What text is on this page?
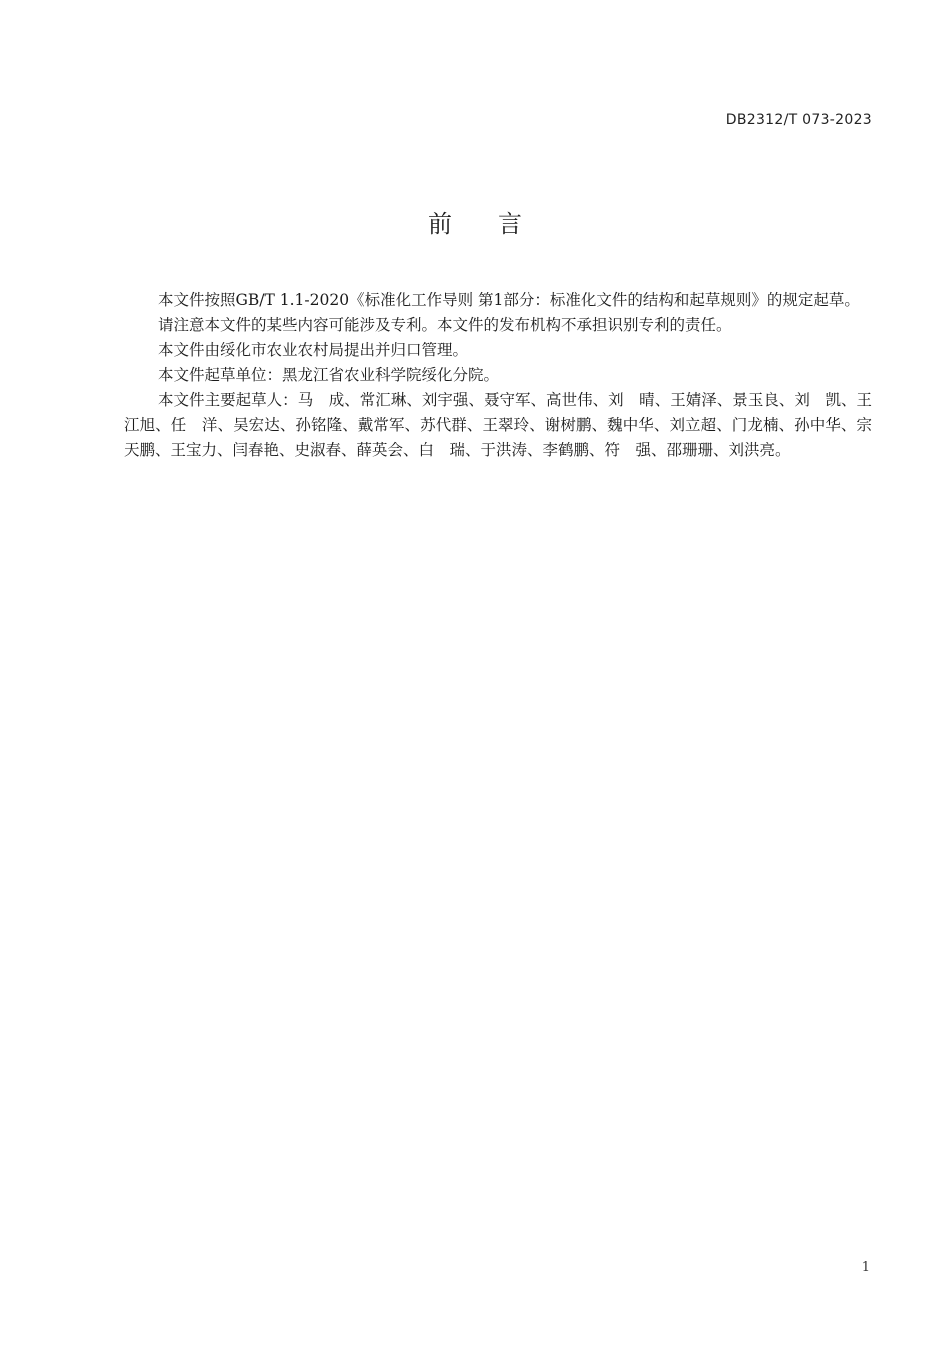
DB2312/T 073-2023
前言

本文件按照GB/T 1.1-2020《标准化工作导则 第1部分：标准化文件的结构和起草规则》的规定起草。

请注意本文件的某些内容可能涉及专利。本文件的发布机构不承担识别专利的责任。

本文件由绥化市农业农村局提出并归口管理。

本文件起草单位：黑龙江省农业科学院绥化分院。

本文件主要起草人：马　成、常汇琳、刘宇强、聂守军、高世伟、刘　晴、王婧泽、景玉良、刘　凯、王江旭、任　洋、吴宏达、孙铭隆、戴常军、苏代群、王翠玲、谢树鹏、魏中华、刘立超、门龙楠、孙中华、宗天鹏、王宝力、闫春艳、史淑春、薛英会、白　瑞、于洪涛、李鹤鹏、符　强、邵珊珊、刘洪亮。

1
